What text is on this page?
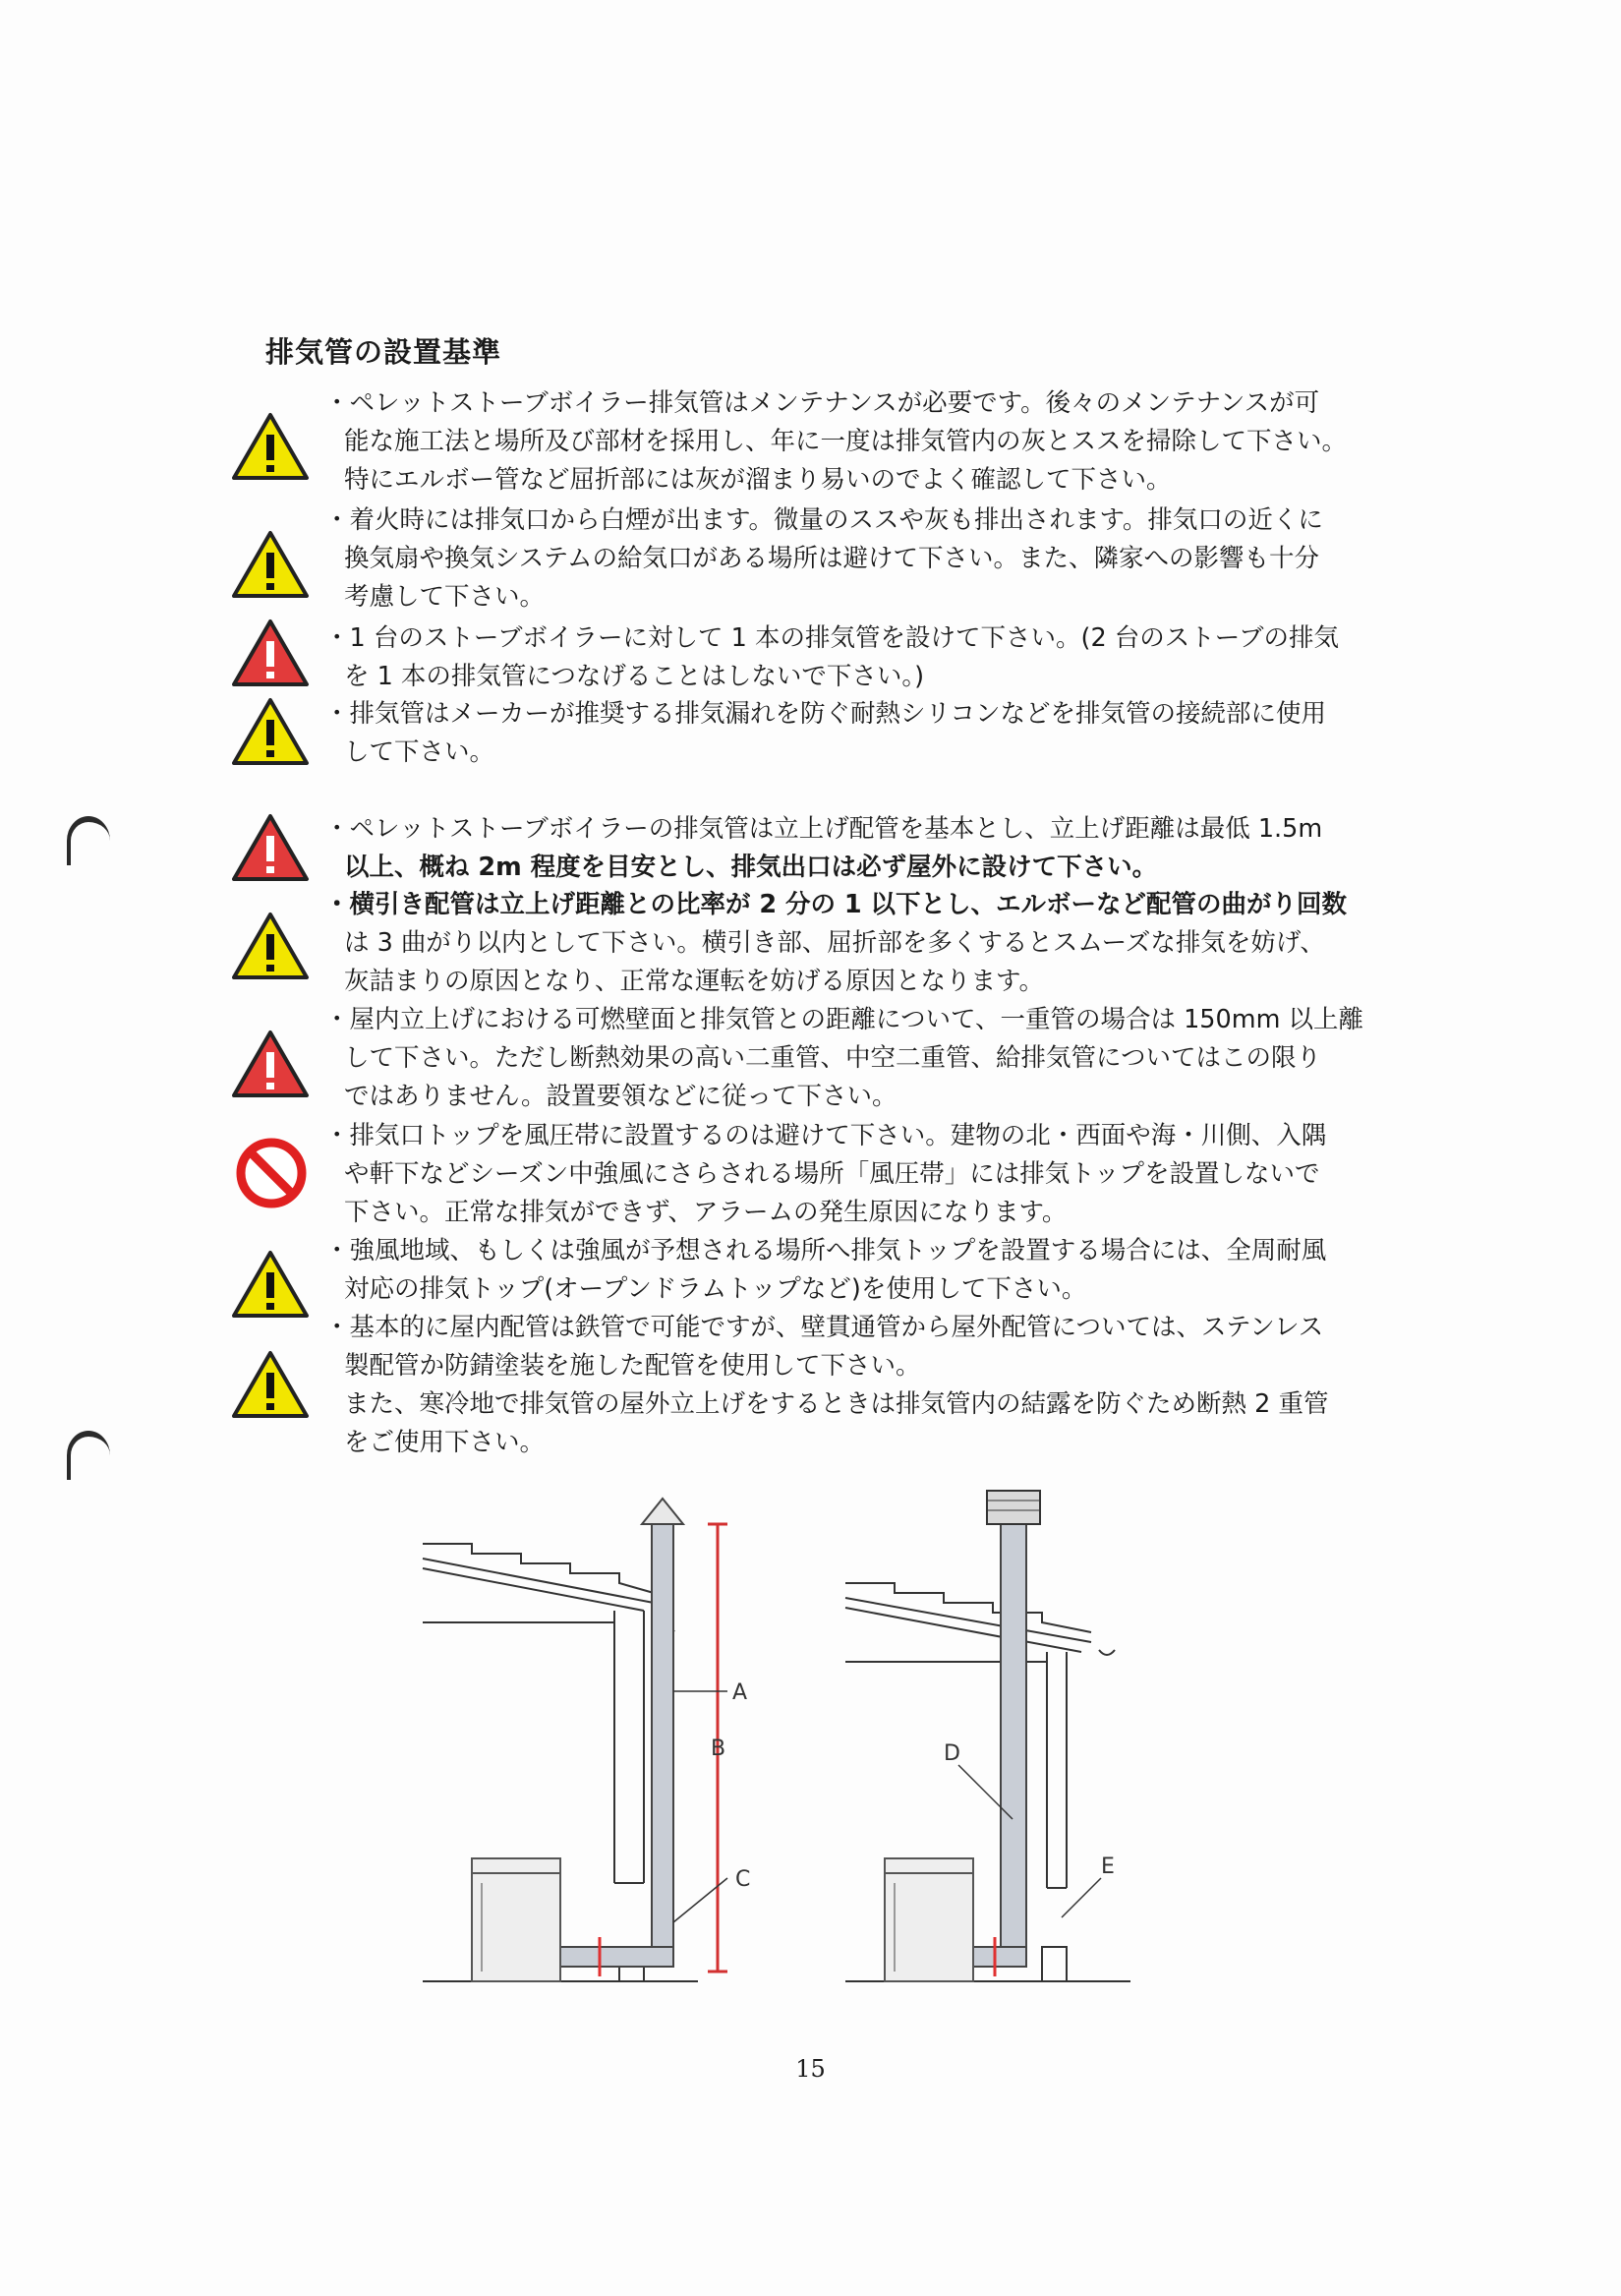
排気管の設置基準

・ペレットストーブボイラー排気管はメンテナンスが必要です。後々のメンテナンスが可

能な施工法と場所及び部材を採用し、年に一度は排気管内の灰とススを掃除して下さい。

特にエルボー管など屈折部には灰が溜まり易いのでよく確認して下さい。

・着火時には排気口から白煙が出ます。微量のススや灰も排出されます。排気口の近くに

換気扇や換気システムの給気口がある場所は避けて下さい。また、隣家への影響も十分

考慮して下さい。

・1 台のストーブボイラーに対して 1 本の排気管を設けて下さい。(2 台のストーブの排気

を 1 本の排気管につなげることはしないで下さい。)

・排気管はメーカーが推奨する排気漏れを防ぐ耐熱シリコンなどを排気管の接続部に使用

して下さい。

・ペレットストーブボイラーの排気管は立上げ配管を基本とし、立上げ距離は最低 1.5m

以上、概ね 2m 程度を目安とし、排気出口は必ず屋外に設けて下さい。

・横引き配管は立上げ距離との比率が 2 分の 1 以下とし、エルボーなど配管の曲がり回数

は 3 曲がり以内として下さい。横引き部、屈折部を多くするとスムーズな排気を妨げ、

灰詰まりの原因となり、正常な運転を妨げる原因となります。

・屋内立上げにおける可燃壁面と排気管との距離について、一重管の場合は 150mm 以上離

して下さい。ただし断熱効果の高い二重管、中空二重管、給排気管についてはこの限り

ではありません。設置要領などに従って下さい。

・排気口トップを風圧帯に設置するのは避けて下さい。建物の北・西面や海・川側、入隅

や軒下などシーズン中強風にさらされる場所「風圧帯」には排気トップを設置しないで

下さい。正常な排気ができず、アラームの発生原因になります。

・強風地域、もしくは強風が予想される場所へ排気トップを設置する場合には、全周耐風

対応の排気トップ(オープンドラムトップなど)を使用して下さい。

・基本的に屋内配管は鉄管で可能ですが、壁貫通管から屋外配管については、ステンレス

製配管か防錆塗装を施した配管を使用して下さい。

また、寒冷地で排気管の屋外立上げをするときは排気管内の結露を防ぐため断熱 2 重管

をご使用下さい。

A
B
C
D
E
15
